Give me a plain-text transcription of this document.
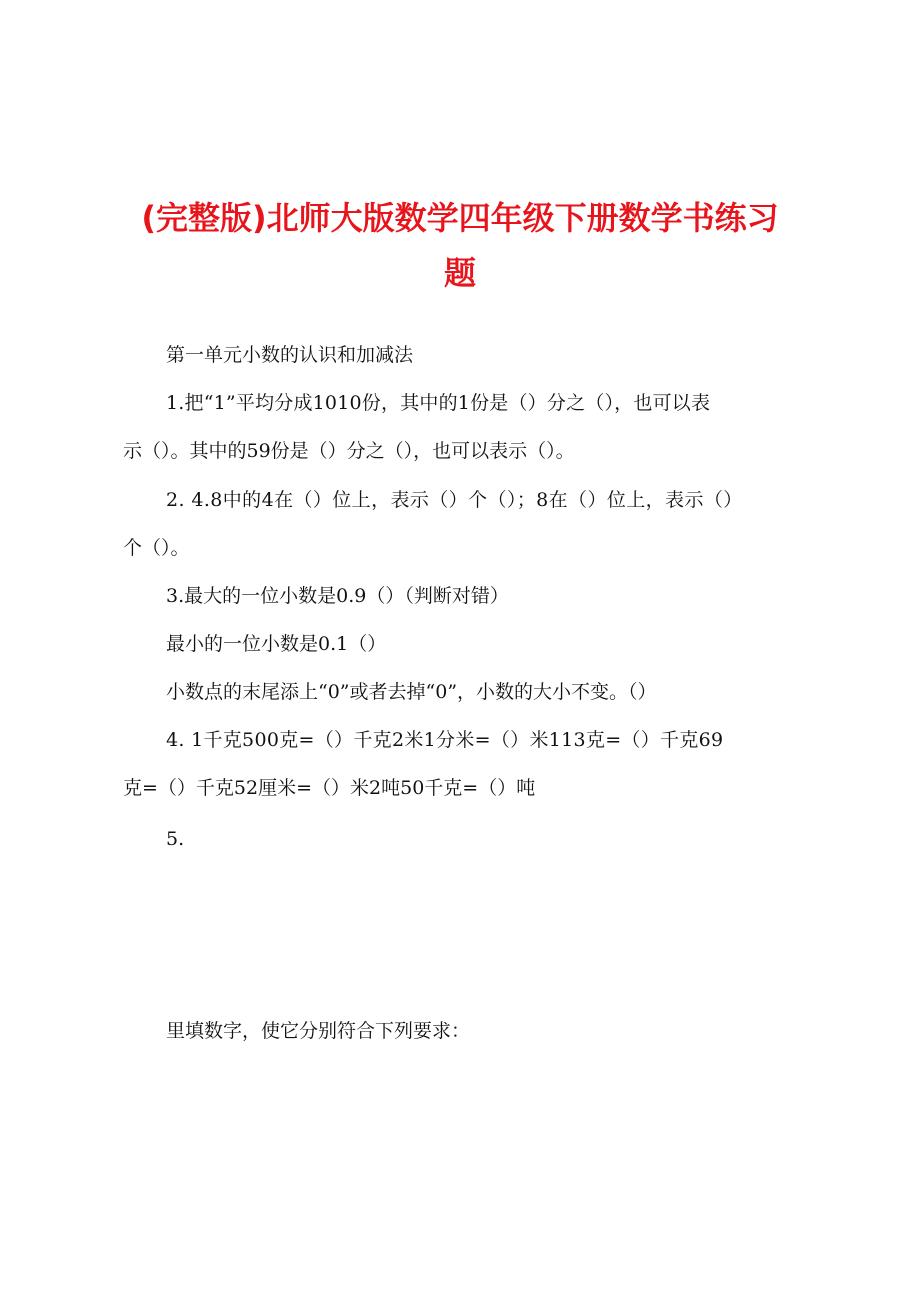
(完整版)北师大版数学四年级下册数学书练习
题

第一单元小数的认识和加减法

1.把“1”平均分成1010份，其中的1份是（）分之（），也可以表

示（）。其中的59份是（）分之（），也可以表示（）。

2. 4.8中的4在（）位上，表示（）个（）；8在（）位上，表示（）

个（）。

3.最大的一位小数是0.9（）（判断对错）

最小的一位小数是0.1（）

小数点的末尾添上“0”或者去掉“0”，小数的大小不变。（）

4. 1千克500克=（）千克2米1分米=（）米113克=（）千克69

克=（）千克52厘米=（）米2吨50千克=（）吨

5.

里填数字，使它分别符合下列要求：
